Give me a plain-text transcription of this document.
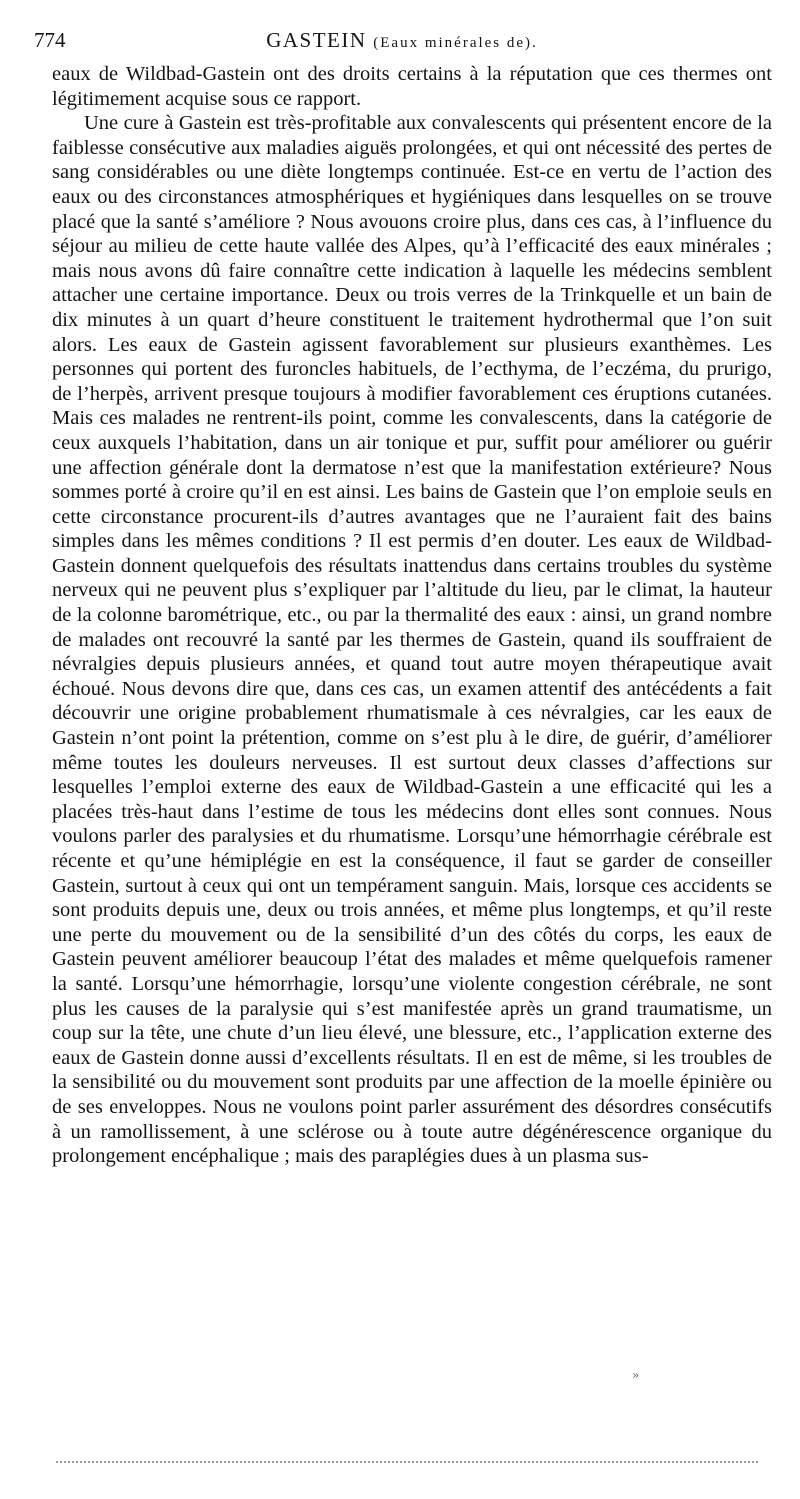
774	GASTEIN (Eaux minérales de).

eaux de Wildbad-Gastein ont des droits certains à la réputation que ces thermes ont légitimement acquise sous ce rapport.

Une cure à Gastein est très-profitable aux convalescents qui présentent encore de la faiblesse consécutive aux maladies aiguës prolongées, et qui ont nécessité des pertes de sang considérables ou une diète longtemps continuée. Est-ce en vertu de l’action des eaux ou des circonstances atmosphériques et hygiéniques dans lesquelles on se trouve placé que la santé s’améliore ? Nous avouons croire plus, dans ces cas, à l’influence du séjour au milieu de cette haute vallée des Alpes, qu’à l’efficacité des eaux minérales ; mais nous avons dû faire connaître cette indication à laquelle les médecins semblent attacher une certaine importance. Deux ou trois verres de la Trinkquelle et un bain de dix minutes à un quart d’heure constituent le traitement hydrothermal que l’on suit alors. Les eaux de Gastein agissent favorablement sur plusieurs exanthèmes. Les personnes qui portent des furoncles habituels, de l’ecthyma, de l’eczéma, du prurigo, de l’herpès, arrivent presque toujours à modifier favorablement ces éruptions cutanées. Mais ces malades ne rentrent-ils point, comme les convalescents, dans la catégorie de ceux auxquels l’habitation, dans un air tonique et pur, suffit pour améliorer ou guérir une affection générale dont la dermatose n’est que la manifestation extérieure? Nous sommes porté à croire qu’il en est ainsi. Les bains de Gastein que l’on emploie seuls en cette circonstance procurent-ils d’autres avantages que ne l’auraient fait des bains simples dans les mêmes conditions ? Il est permis d’en douter. Les eaux de Wildbad-Gastein donnent quelquefois des résultats inattendus dans certains troubles du système nerveux qui ne peuvent plus s’expliquer par l’altitude du lieu, par le climat, la hauteur de la colonne barométrique, etc., ou par la thermalité des eaux : ainsi, un grand nombre de malades ont recouvré la santé par les thermes de Gastein, quand ils souffraient de névralgies depuis plusieurs années, et quand tout autre moyen thérapeutique avait échoué. Nous devons dire que, dans ces cas, un examen attentif des antécédents a fait découvrir une origine probablement rhumatismale à ces névralgies, car les eaux de Gastein n’ont point la prétention, comme on s’est plu à le dire, de guérir, d’améliorer même toutes les douleurs nerveuses. Il est surtout deux classes d’affections sur lesquelles l’emploi externe des eaux de Wildbad-Gastein a une efficacité qui les a placées très-haut dans l’estime de tous les médecins dont elles sont connues. Nous voulons parler des paralysies et du rhumatisme. Lorsqu’une hémorrhagie cérébrale est récente et qu’une hémiplégie en est la conséquence, il faut se garder de conseiller Gastein, surtout à ceux qui ont un tempérament sanguin. Mais, lorsque ces accidents se sont produits depuis une, deux ou trois années, et même plus longtemps, et qu’il reste une perte du mouvement ou de la sensibilité d’un des côtés du corps, les eaux de Gastein peuvent améliorer beaucoup l’état des malades et même quelquefois ramener la santé. Lorsqu’une hémorrhagie, lorsqu’une violente congestion cérébrale, ne sont plus les causes de la paralysie qui s’est manifestée après un grand traumatisme, un coup sur la tête, une chute d’un lieu élevé, une blessure, etc., l’application externe des eaux de Gastein donne aussi d’excellents résultats. Il en est de même, si les troubles de la sensibilité ou du mouvement sont produits par une affection de la moelle épinière ou de ses enveloppes. Nous ne voulons point parler assurément des désordres consécutifs à un ramollissement, à une sclérose ou à toute autre dégénérescence organique du prolongement encéphalique ; mais des paraplégies dues à un plasma sus-

»
